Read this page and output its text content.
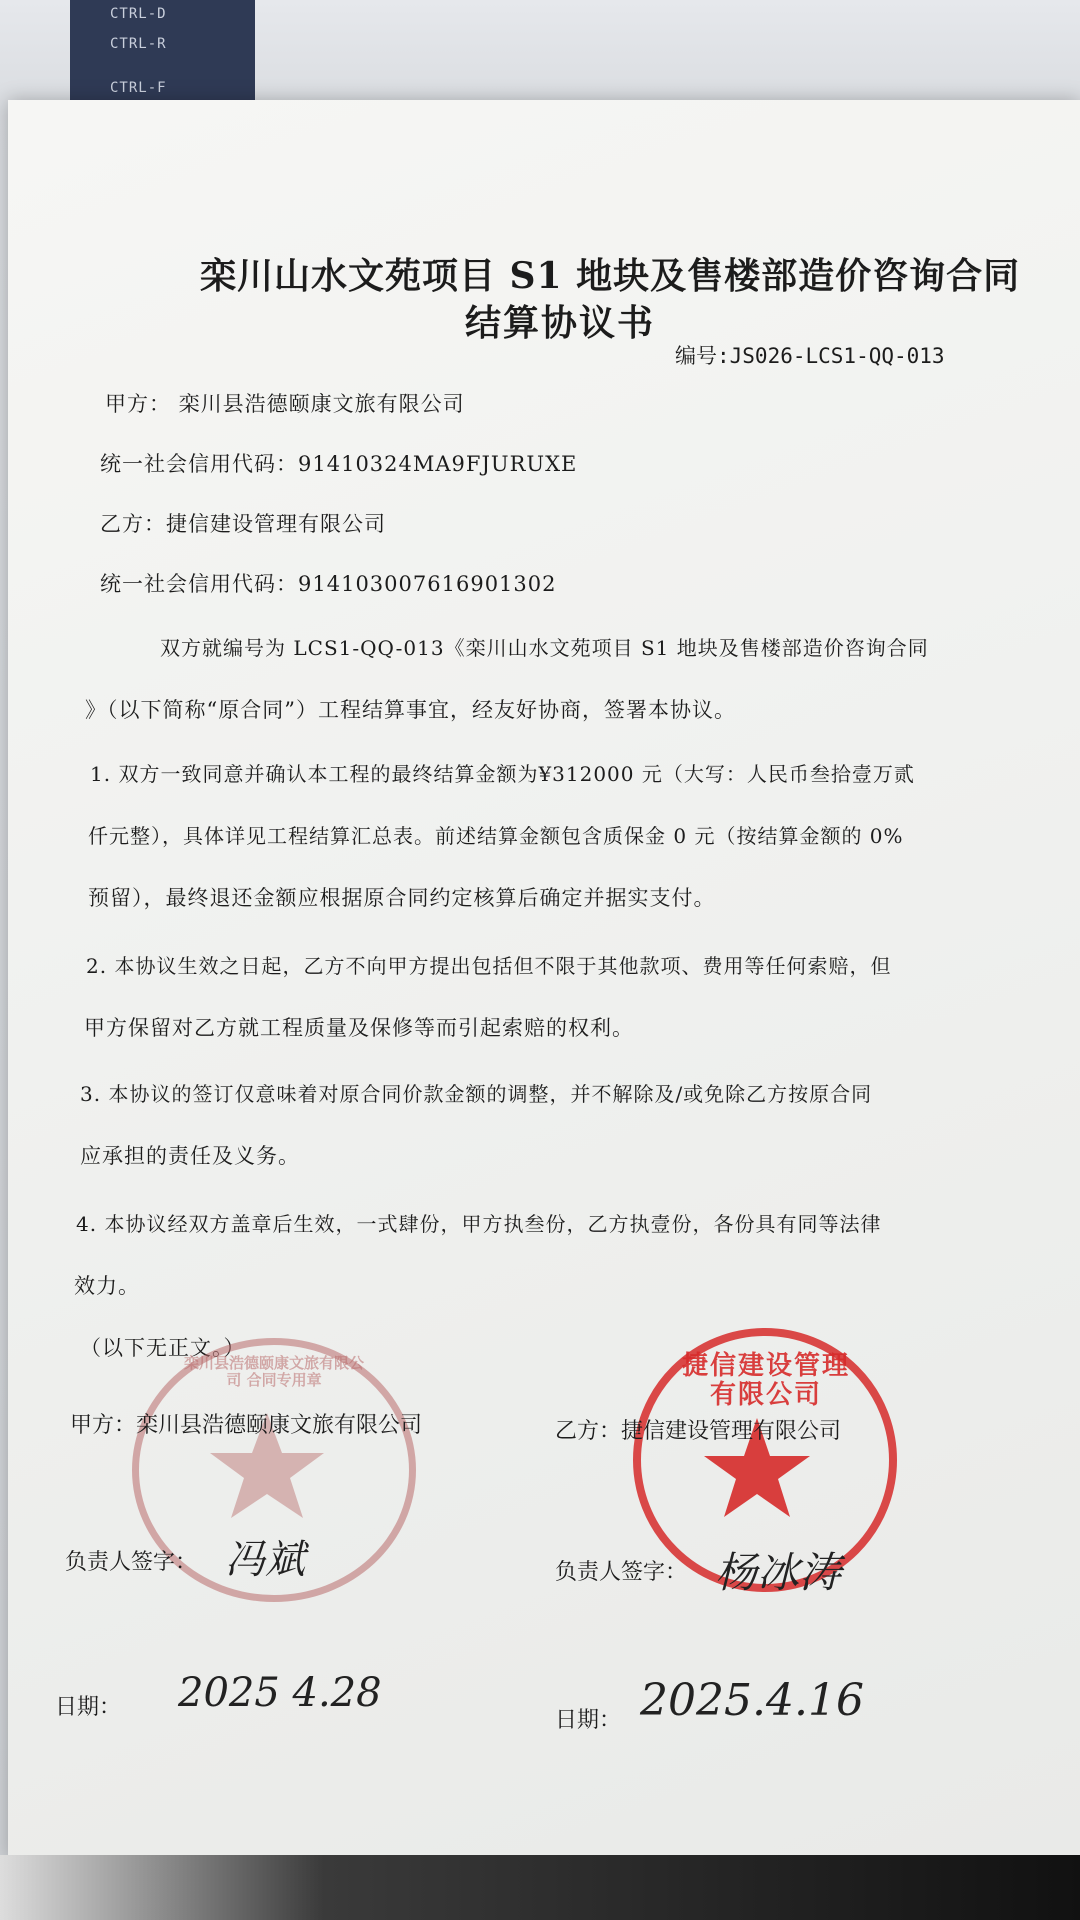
CTRL-D
CTRL-R
CTRL-F
栾川山水文苑项目 S1 地块及售楼部造价咨询合同
结算协议书
编号:JS026-LCS1-QQ-013
甲方： 栾川县浩德颐康文旅有限公司
统一社会信用代码：91410324MA9FJURUXE
乙方：捷信建设管理有限公司
统一社会信用代码：914103007616901302
双方就编号为 LCS1-QQ-013《栾川山水文苑项目 S1 地块及售楼部造价咨询合同
》（以下简称“原合同”）工程结算事宜，经友好协商，签署本协议。
1. 双方一致同意并确认本工程的最终结算金额为¥312000 元（大写：人民币叁拾壹万贰
仟元整），具体详见工程结算汇总表。前述结算金额包含质保金 0 元（按结算金额的 0%
预留），最终退还金额应根据原合同约定核算后确定并据实支付。
2. 本协议生效之日起，乙方不向甲方提出包括但不限于其他款项、费用等任何索赔，但
甲方保留对乙方就工程质量及保修等而引起索赔的权利。
3. 本协议的签订仅意味着对原合同价款金额的调整，并不解除及/或免除乙方按原合同
应承担的责任及义务。
4. 本协议经双方盖章后生效，一式肆份，甲方执叁份，乙方执壹份，各份具有同等法律
效力。
（以下无正文。）
栾川县浩德颐康文旅有限公司 合同专用章	捷信建设管理有限公司
甲方：栾川县浩德颐康文旅有限公司	乙方：捷信建设管理有限公司
负责人签字： 冯斌	负责人签字： 杨冰涛
日期： 2025 4.28
日期： 2025.4.16
